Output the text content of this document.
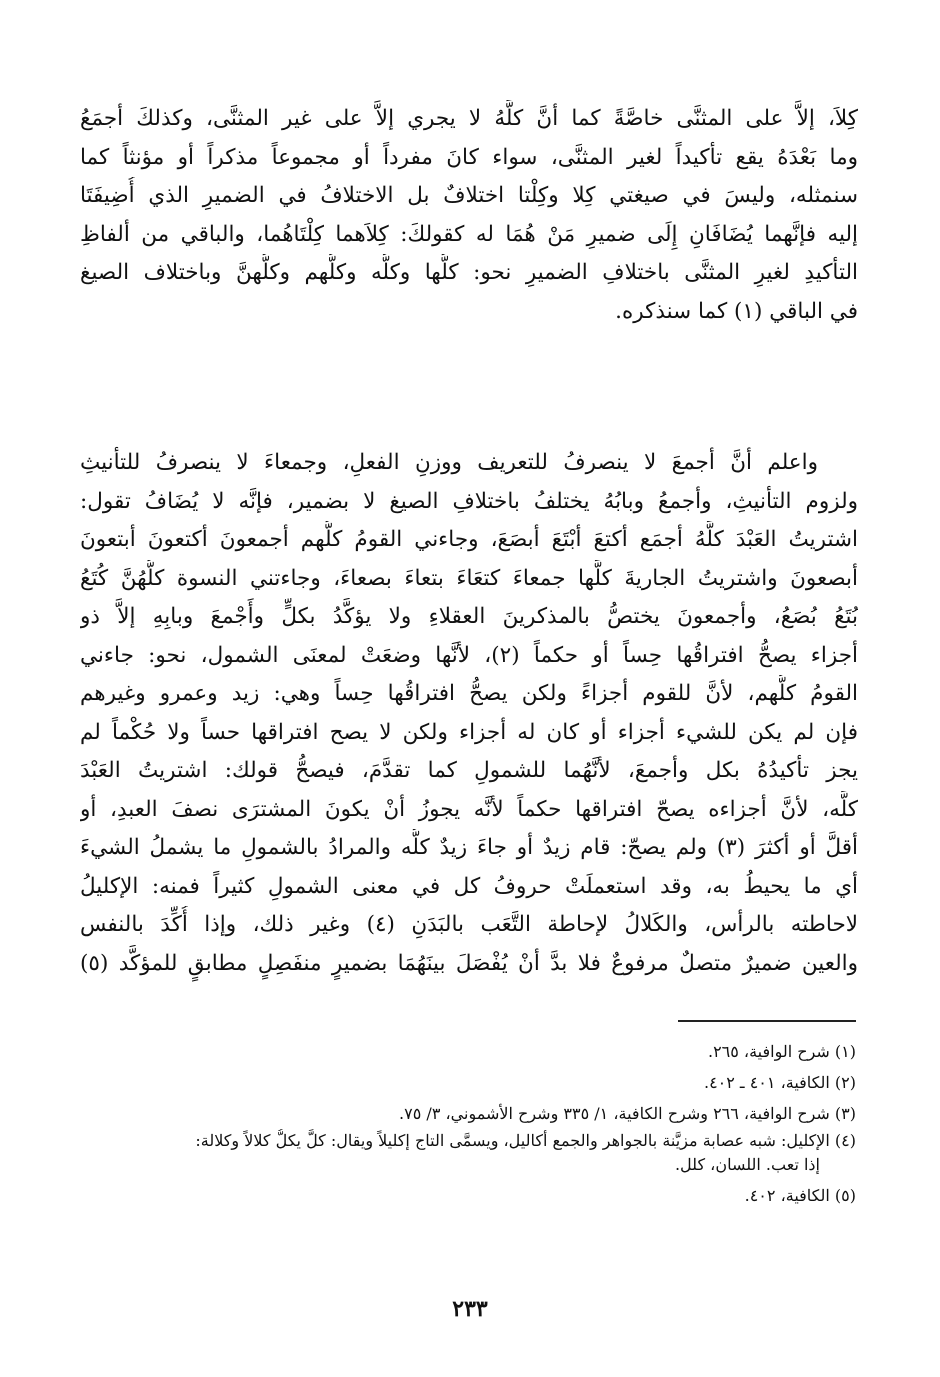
كِلاَ، إلاَّ على المثنَّى خاصَّةً كما أنَّ كلَّهُ لا يجري إلاَّ على غير المثنَّى، وكذلكَ أجمَعُ
وما بَعْدَهُ يقع تأكيداً لغير المثنَّى، سواء كانَ مفرداً أو مجموعاً مذكراً أو مؤنثاً كما
سنمثله، وليسَ في صيغتي كِلا وكِلْتا اختلافٌ بل الاختلافُ في الضميرِ الذي أُضِيفَتَا
إليه فإنَّهما يُضَافَانِ إِلَى ضميرِ مَنْ هُمَا له كقولكَ: كِلاَهما كِلْتَاهُما، والباقي من ألفاظِ
التأكيدِ لغيرِ المثنَّى باختلافِ الضميرِ نحو: كلُّها وكلُّه وكلُّهم وكلُّهنَّ وباختلاف الصيغ
في الباقي (١) كما سنذكره.
واعلم أنَّ أجمعَ لا ينصرفُ للتعريف ووزنِ الفعلِ، وجمعاءَ لا ينصرفُ للتأنيثِ
ولزوم التأنيثِ، وأجمعُ وبابُهُ يختلفُ باختلافِ الصيغ لا بضمير، فإنَّه لا يُضَافُ تقول:
اشتريتُ العَبْدَ كلَّهُ أجمَع أكتعَ أبْتَعَ أبصَعَ، وجاءني القومُ كلُّهم أجمعونَ أكتعونَ أبتعونَ
أبصعونَ واشتريتُ الجاريةَ كلَّها جمعاءَ كتعَاءَ بتعاءَ بصعاءَ، وجاءتني النسوة كلُّهُنَّ كُتَعُ
بُتَعُ بُصَعُ، وأجمعونَ يختصُّ بالمذكرينَ العقلاءِ ولا يؤكَّدُ بكلٍّ وأَجْمعَ وبابِهِ إلاَّ ذو
أجزاء يصحُّ افتراقُها حِساً أو حكماً (٢)، لأنَّها وضعَتْ لمعنَى الشمول، نحو: جاءني
القومُ كلُّهم، لأنَّ للقوم أجزاءً ولكن يصحُّ افتراقُها حِساً وهي: زيد وعمرو وغيرهم
فإن لم يكن للشيء أجزاء أو كان له أجزاء ولكن لا يصح افتراقها حساً ولا حُكْماً لم
يجز تأكيدُهُ بكل وأجمعَ، لأنَّهُما للشمولِ كما تقدَّمَ، فيصحُّ قولك: اشتريتُ العَبْدَ
كلَّه، لأنَّ أجزاءه يصحّ افتراقها حكماً لأنَّه يجوزُ أنْ يكونَ المشترَى نصفَ العبدِ، أو
أقلَّ أو أكثرَ (٣) ولم يصحّ: قام زيدٌ أو جاءَ زيدٌ كلُّه والمرادُ بالشمولِ ما يشملُ الشيءَ
أي ما يحيطُ به، وقد استعملَتْ حروفُ كل في معنى الشمولِ كثيراً فمنه: الإكليلُ
لاحاطته بالرأس، والكَلالُ لإحاطة التَّعَب بالبَدَنِ (٤) وغير ذلك، وإذا أُكِّدَ بالنفس
والعين ضميرٌ متصلٌ مرفوعٌ فلا بدَّ أنْ يُفْصَلَ بينَهُمَا بضميرٍ منفَصِلٍ مطابقٍ للمؤكَّد (٥)
(١) شرح الوافية، ٢٦٥.
(٢) الكافية، ٤٠١ ـ ٤٠٢.
(٣) شرح الوافية، ٢٦٦ وشرح الكافية، ١/ ٣٣٥ وشرح الأشموني، ٣/ ٧٥.
(٤) الإكليل: شبه عصابة مزيَّنة بالجواهر والجمع أكاليل، ويسمَّى التاج إكليلاً ويقال: كلَّ يكلُّ كلالاً وكلالة:
إذا تعب. اللسان، كلل.
(٥) الكافية، ٤٠٢.
٢٣٣
